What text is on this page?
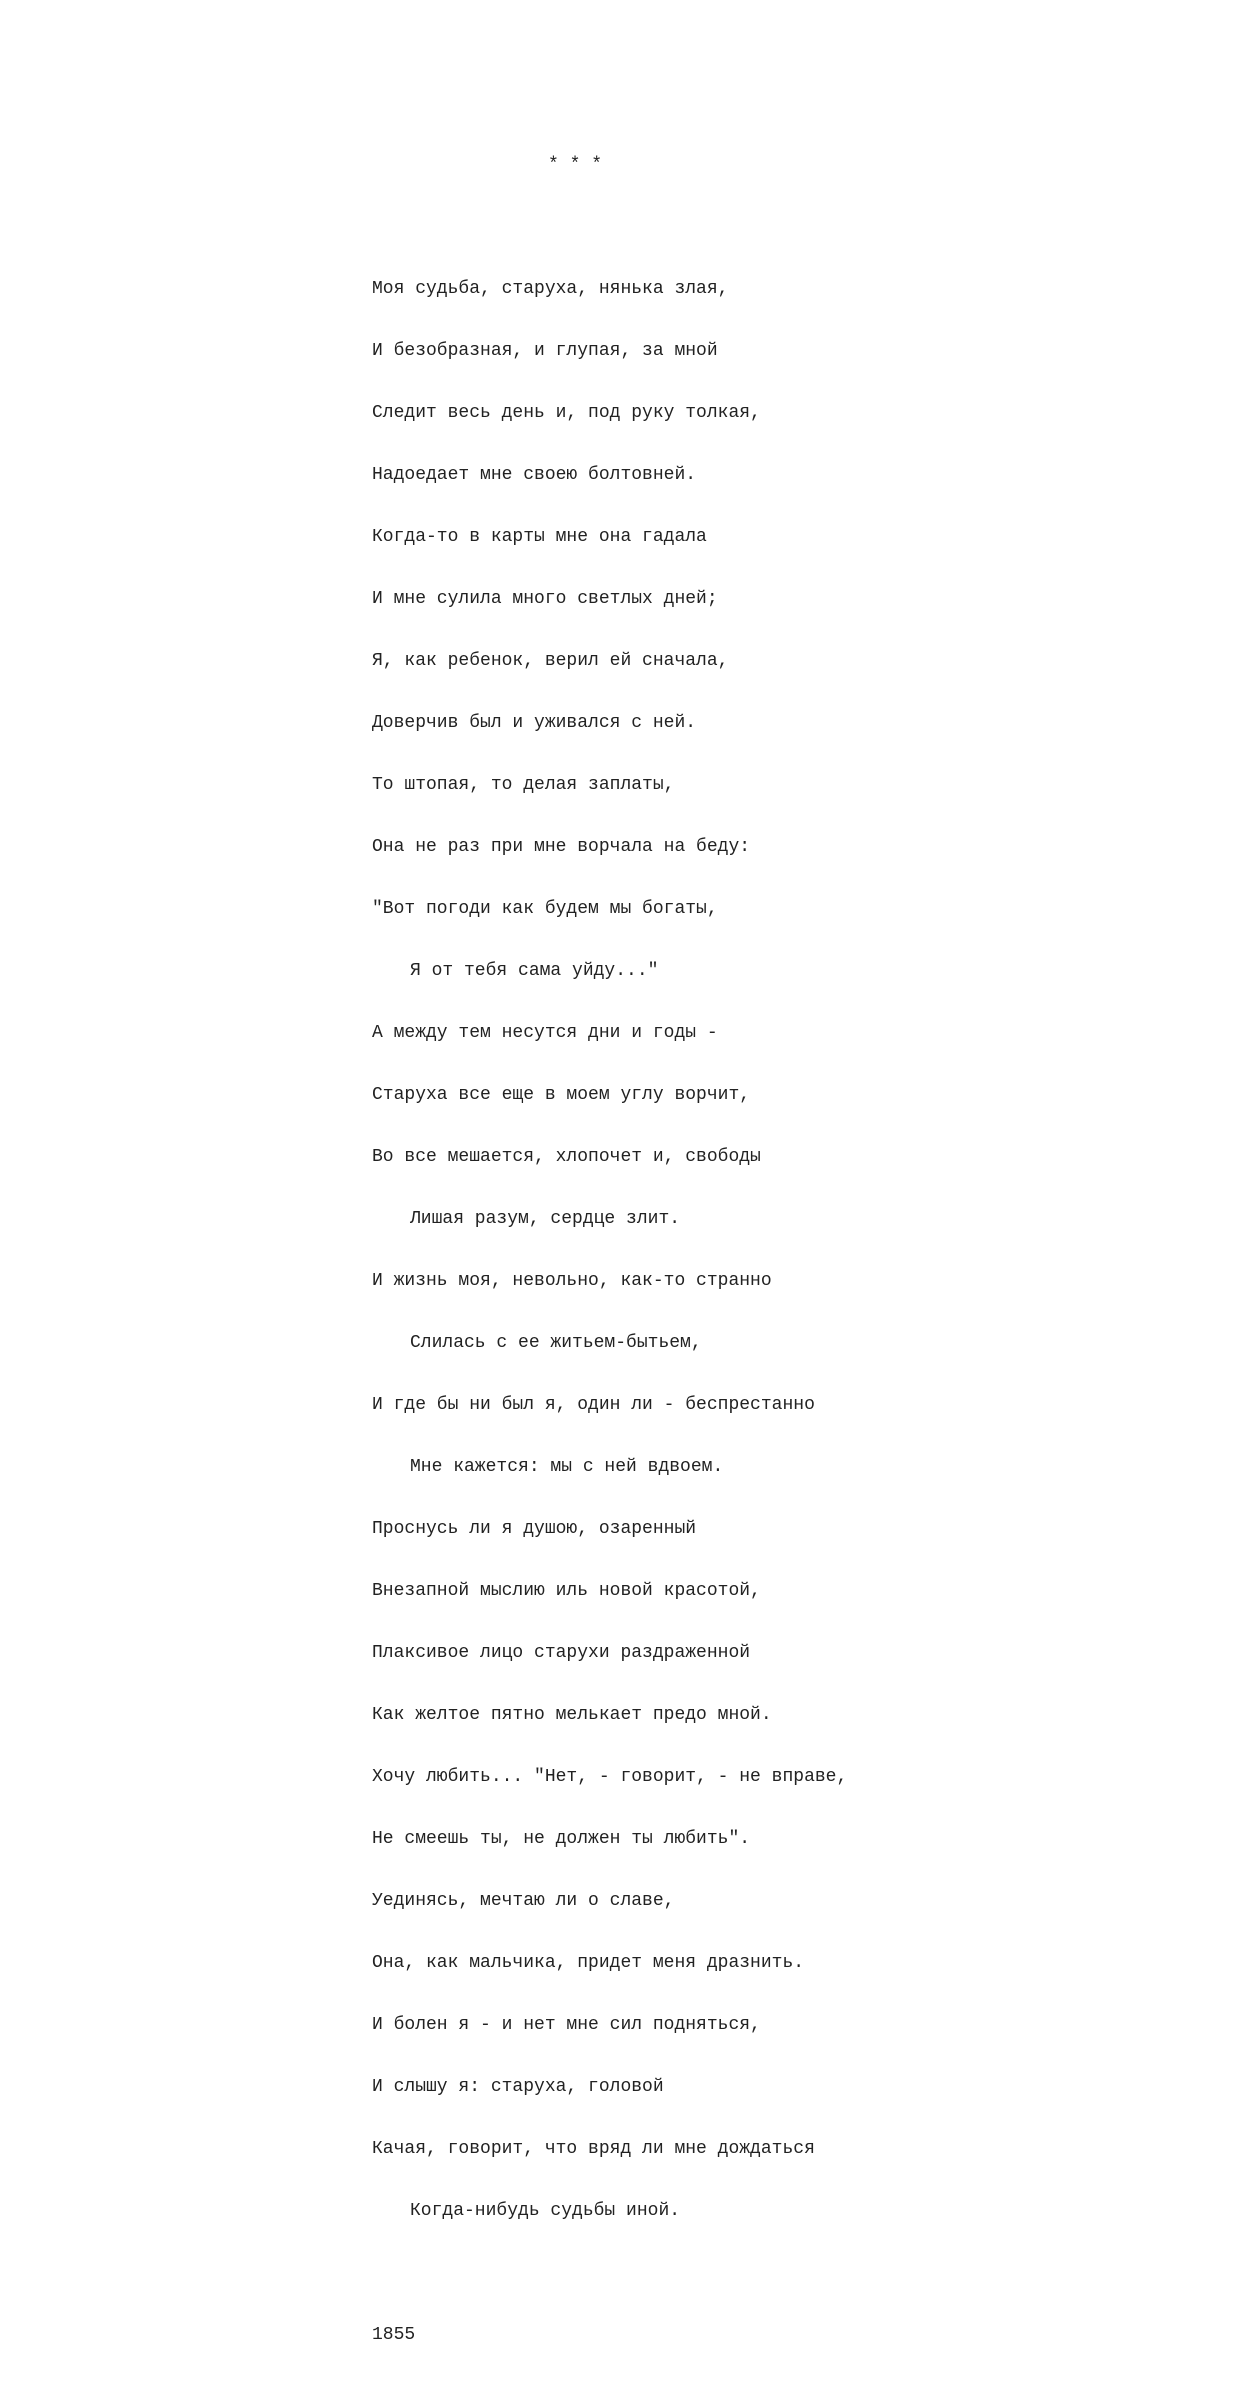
* * *

Моя судьба, старуха, нянька злая,

И безобразная, и глупая, за мной

Следит весь день и, под руку толкая,

Надоедает мне своею болтовней.

Когда-то в карты мне она гадала

И мне сулила много светлых дней;

Я, как ребенок, верил ей сначала,

Доверчив был и уживался с ней.

То штопая, то делая заплаты,

Она не раз при мне ворчала на беду:

"Вот погоди как будем мы богаты,

Я от тебя сама уйду..."

А между тем несутся дни и годы -

Старуха все еще в моем углу ворчит,

Во все мешается, хлопочет и, свободы

Лишая разум, сердце злит.

И жизнь моя, невольно, как-то странно

Слилась с ее житьем-бытьем,

И где бы ни был я, один ли - беспрестанно

Мне кажется: мы с ней вдвоем.

Проснусь ли я душою, озаренный

Внезапной мыслию иль новой красотой,

Плаксивое лицо старухи раздраженной

Как желтое пятно мелькает предо мной.

Хочу любить... "Нет, - говорит, - не вправе,

Не смеешь ты, не должен ты любить".

Уединясь, мечтаю ли о славе,

Она, как мальчика, придет меня дразнить.

И болен я - и нет мне сил подняться,

И слышу я: старуха, головой

Качая, говорит, что вряд ли мне дождаться

Когда-нибудь судьбы иной.

1855
